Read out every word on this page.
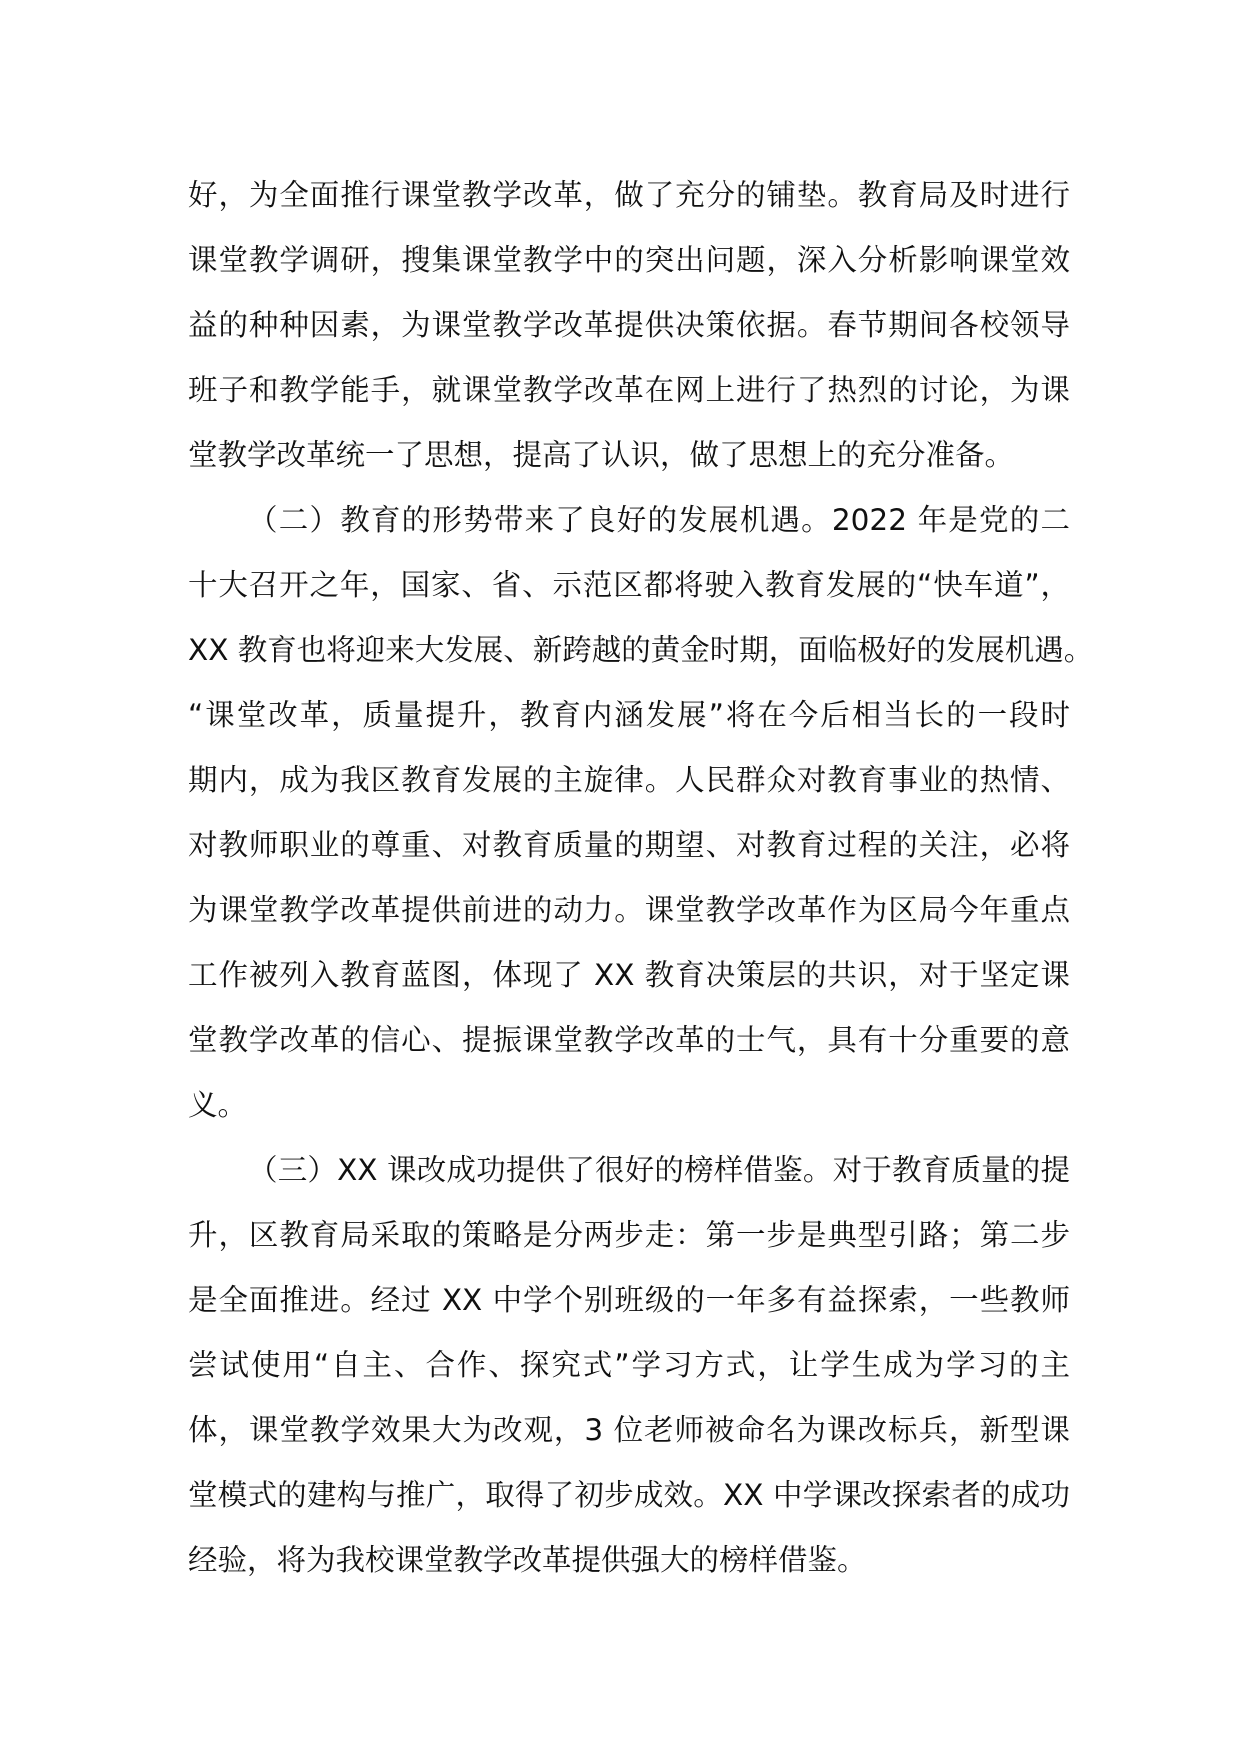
好，为全面推行课堂教学改革，做了充分的铺垫。教育局及时进行
课堂教学调研，搜集课堂教学中的突出问题，深入分析影响课堂效
益的种种因素，为课堂教学改革提供决策依据。春节期间各校领导
班子和教学能手，就课堂教学改革在网上进行了热烈的讨论，为课
堂教学改革统一了思想，提高了认识，做了思想上的充分准备。
（二）教育的形势带来了良好的发展机遇。2022 年是党的二
十大召开之年，国家、省、示范区都将驶入教育发展的“快车道”，
XX 教育也将迎来大发展、新跨越的黄金时期，面临极好的发展机遇。
“课堂改革，质量提升，教育内涵发展”将在今后相当长的一段时
期内，成为我区教育发展的主旋律。人民群众对教育事业的热情、
对教师职业的尊重、对教育质量的期望、对教育过程的关注，必将
为课堂教学改革提供前进的动力。课堂教学改革作为区局今年重点
工作被列入教育蓝图，体现了 XX 教育决策层的共识，对于坚定课
堂教学改革的信心、提振课堂教学改革的士气，具有十分重要的意
义。
（三）XX 课改成功提供了很好的榜样借鉴。对于教育质量的提
升，区教育局采取的策略是分两步走：第一步是典型引路；第二步
是全面推进。经过 XX 中学个别班级的一年多有益探索，一些教师
尝试使用“自主、合作、探究式”学习方式，让学生成为学习的主
体，课堂教学效果大为改观，3 位老师被命名为课改标兵，新型课
堂模式的建构与推广，取得了初步成效。XX 中学课改探索者的成功
经验，将为我校课堂教学改革提供强大的榜样借鉴。
